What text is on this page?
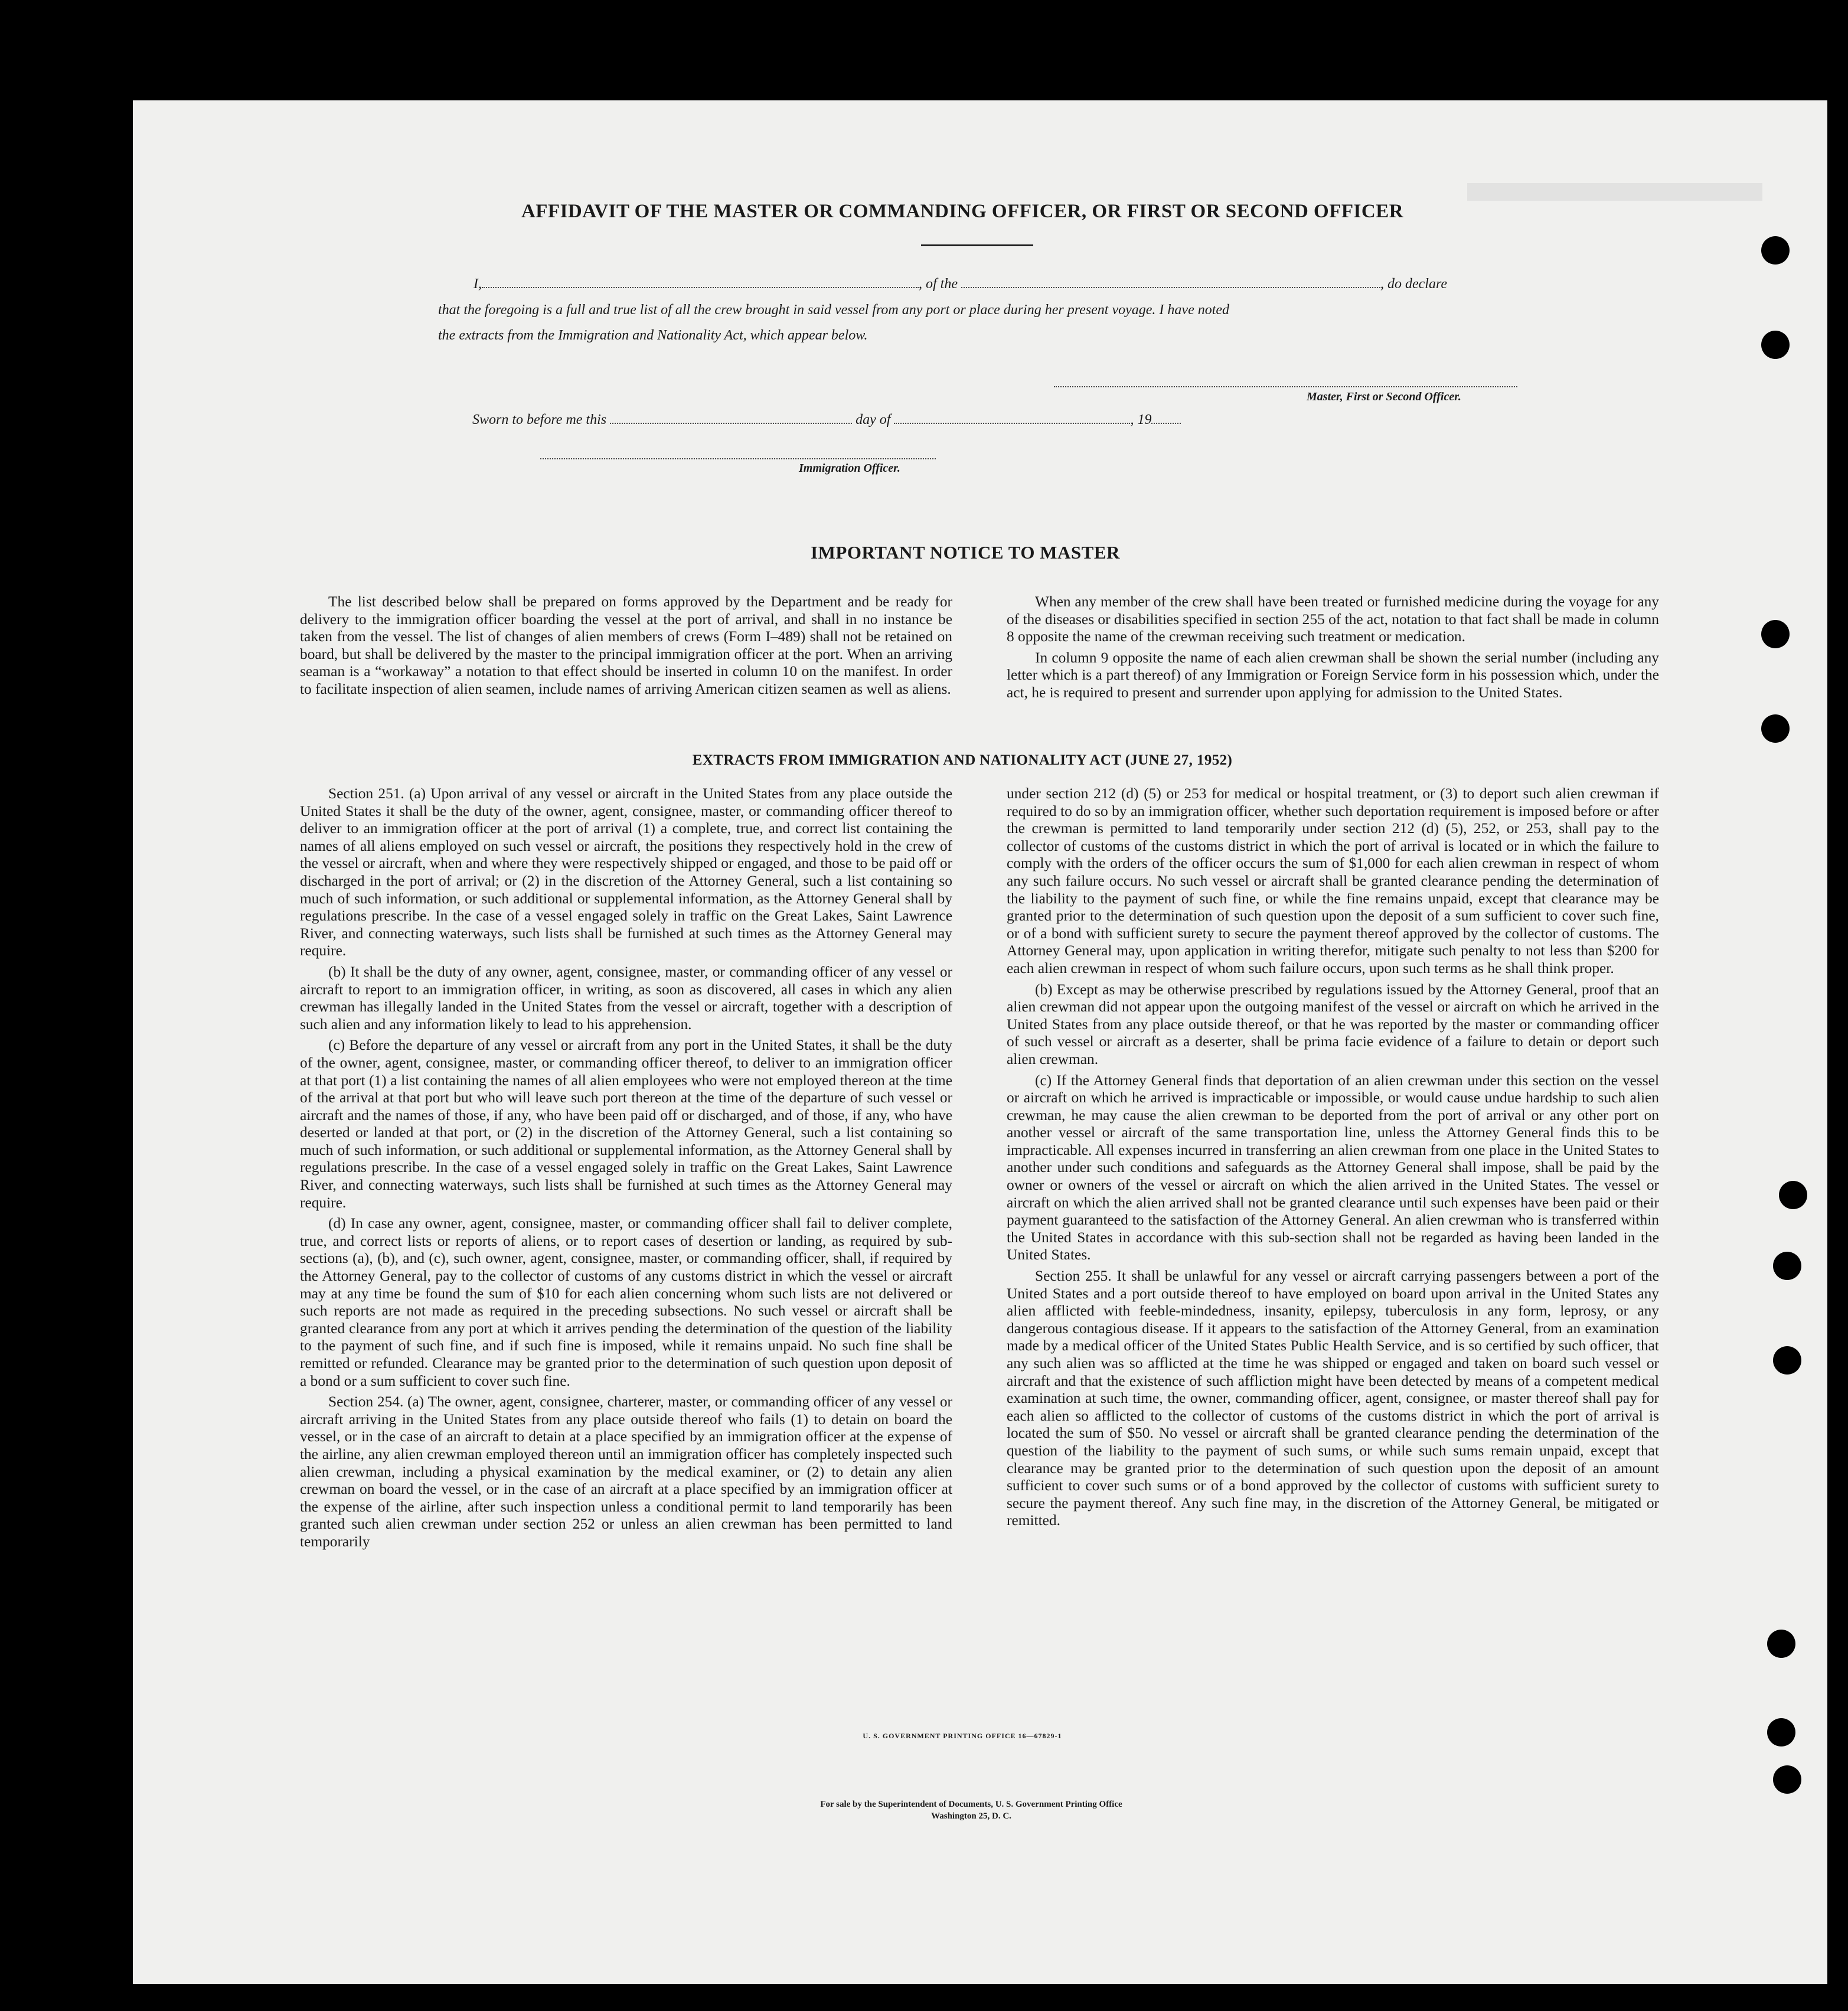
AFFIDAVIT OF THE MASTER OR COMMANDING OFFICER, OR FIRST OR SECOND OFFICER
I,	, of the	, do declare
that the foregoing is a full and true list of all the crew brought in said vessel from any port or place during her present voyage. I have noted
the extracts from the Immigration and Nationality Act, which appear below.
Master, First or Second Officer.
Sworn to before me this	day of	, 19
Immigration Officer.
IMPORTANT NOTICE TO MASTER

The list described below shall be prepared on forms approved by the Department and be ready for delivery to the immigration officer boarding the vessel at the port of arrival, and shall in no instance be taken from the vessel. The list of changes of alien members of crews (Form I–489) shall not be retained on board, but shall be delivered by the master to the principal immigration officer at the port. When an arriving seaman is a “workaway” a notation to that effect should be inserted in column 10 on the manifest. In order to facilitate inspection of alien seamen, include names of arriving American citizen seamen as well as aliens.

When any member of the crew shall have been treated or furnished medicine during the voyage for any of the diseases or disabilities specified in section 255 of the act, notation to that fact shall be made in column 8 opposite the name of the crewman receiving such treatment or medication.

In column 9 opposite the name of each alien crewman shall be shown the serial number (including any letter which is a part thereof) of any Immigration or Foreign Service form in his possession which, under the act, he is required to present and surrender upon applying for admission to the United States.

EXTRACTS FROM IMMIGRATION AND NATIONALITY ACT (JUNE 27, 1952)

Section 251. (a) Upon arrival of any vessel or aircraft in the United States from any place outside the United States it shall be the duty of the owner, agent, consignee, master, or commanding officer thereof to deliver to an immigration officer at the port of arrival (1) a complete, true, and correct list containing the names of all aliens employed on such vessel or aircraft, the positions they respectively hold in the crew of the vessel or aircraft, when and where they were respectively shipped or engaged, and those to be paid off or discharged in the port of arrival; or (2) in the discretion of the Attorney General, such a list containing so much of such information, or such additional or supplemental information, as the Attorney General shall by regulations prescribe. In the case of a vessel engaged solely in traffic on the Great Lakes, Saint Lawrence River, and connecting waterways, such lists shall be furnished at such times as the Attorney General may require.

(b) It shall be the duty of any owner, agent, consignee, master, or commanding officer of any vessel or aircraft to report to an immigration officer, in writing, as soon as discovered, all cases in which any alien crewman has illegally landed in the United States from the vessel or aircraft, together with a description of such alien and any information likely to lead to his apprehension.

(c) Before the departure of any vessel or aircraft from any port in the United States, it shall be the duty of the owner, agent, consignee, master, or commanding officer thereof, to deliver to an immigration officer at that port (1) a list containing the names of all alien employees who were not employed thereon at the time of the arrival at that port but who will leave such port thereon at the time of the departure of such vessel or aircraft and the names of those, if any, who have been paid off or discharged, and of those, if any, who have deserted or landed at that port, or (2) in the discretion of the Attorney General, such a list containing so much of such information, or such additional or supplemental information, as the Attorney General shall by regulations prescribe. In the case of a vessel engaged solely in traffic on the Great Lakes, Saint Lawrence River, and connecting waterways, such lists shall be furnished at such times as the Attorney General may require.

(d) In case any owner, agent, consignee, master, or commanding officer shall fail to deliver complete, true, and correct lists or reports of aliens, or to report cases of desertion or landing, as required by sub-sections (a), (b), and (c), such owner, agent, consignee, master, or commanding officer, shall, if required by the Attorney General, pay to the collector of customs of any customs district in which the vessel or aircraft may at any time be found the sum of $10 for each alien concerning whom such lists are not delivered or such reports are not made as required in the preceding subsections. No such vessel or aircraft shall be granted clearance from any port at which it arrives pending the determination of the question of the liability to the payment of such fine, and if such fine is imposed, while it remains unpaid. No such fine shall be remitted or refunded. Clearance may be granted prior to the determination of such question upon deposit of a bond or a sum sufficient to cover such fine.

Section 254. (a) The owner, agent, consignee, charterer, master, or commanding officer of any vessel or aircraft arriving in the United States from any place outside thereof who fails (1) to detain on board the vessel, or in the case of an aircraft to detain at a place specified by an immigration officer at the expense of the airline, any alien crewman employed thereon until an immigration officer has completely inspected such alien crewman, including a physical examination by the medical examiner, or (2) to detain any alien crewman on board the vessel, or in the case of an aircraft at a place specified by an immigration officer at the expense of the airline, after such inspection unless a conditional permit to land temporarily has been granted such alien crewman under section 252 or unless an alien crewman has been permitted to land temporarily

under section 212 (d) (5) or 253 for medical or hospital treatment, or (3) to deport such alien crewman if required to do so by an immigration officer, whether such deportation requirement is imposed before or after the crewman is permitted to land temporarily under section 212 (d) (5), 252, or 253, shall pay to the collector of customs of the customs district in which the port of arrival is located or in which the failure to comply with the orders of the officer occurs the sum of $1,000 for each alien crewman in respect of whom any such failure occurs. No such vessel or aircraft shall be granted clearance pending the determination of the liability to the payment of such fine, or while the fine remains unpaid, except that clearance may be granted prior to the determination of such question upon the deposit of a sum sufficient to cover such fine, or of a bond with sufficient surety to secure the payment thereof approved by the collector of customs. The Attorney General may, upon application in writing therefor, mitigate such penalty to not less than $200 for each alien crewman in respect of whom such failure occurs, upon such terms as he shall think proper.

(b) Except as may be otherwise prescribed by regulations issued by the Attorney General, proof that an alien crewman did not appear upon the outgoing manifest of the vessel or aircraft on which he arrived in the United States from any place outside thereof, or that he was reported by the master or commanding officer of such vessel or aircraft as a deserter, shall be prima facie evidence of a failure to detain or deport such alien crewman.

(c) If the Attorney General finds that deportation of an alien crewman under this section on the vessel or aircraft on which he arrived is impracticable or impossible, or would cause undue hardship to such alien crewman, he may cause the alien crewman to be deported from the port of arrival or any other port on another vessel or aircraft of the same transportation line, unless the Attorney General finds this to be impracticable. All expenses incurred in transferring an alien crewman from one place in the United States to another under such conditions and safeguards as the Attorney General shall impose, shall be paid by the owner or owners of the vessel or aircraft on which the alien arrived in the United States. The vessel or aircraft on which the alien arrived shall not be granted clearance until such expenses have been paid or their payment guaranteed to the satisfaction of the Attorney General. An alien crewman who is transferred within the United States in accordance with this sub-section shall not be regarded as having been landed in the United States.

Section 255. It shall be unlawful for any vessel or aircraft carrying passengers between a port of the United States and a port outside thereof to have employed on board upon arrival in the United States any alien afflicted with feeble-mindedness, insanity, epilepsy, tuberculosis in any form, leprosy, or any dangerous contagious disease. If it appears to the satisfaction of the Attorney General, from an examination made by a medical officer of the United States Public Health Service, and is so certified by such officer, that any such alien was so afflicted at the time he was shipped or engaged and taken on board such vessel or aircraft and that the existence of such affliction might have been detected by means of a competent medical examination at such time, the owner, commanding officer, agent, consignee, or master thereof shall pay for each alien so afflicted to the collector of customs of the customs district in which the port of arrival is located the sum of $50. No vessel or aircraft shall be granted clearance pending the determination of the question of the liability to the payment of such sums, or while such sums remain unpaid, except that clearance may be granted prior to the determination of such question upon the deposit of an amount sufficient to cover such sums or of a bond approved by the collector of customs with sufficient surety to secure the payment thereof. Any such fine may, in the discretion of the Attorney General, be mitigated or remitted.

U. S. GOVERNMENT PRINTING OFFICE 16—67829-1
For sale by the Superintendent of Documents, U. S. Government Printing Office
Washington 25, D. C.
